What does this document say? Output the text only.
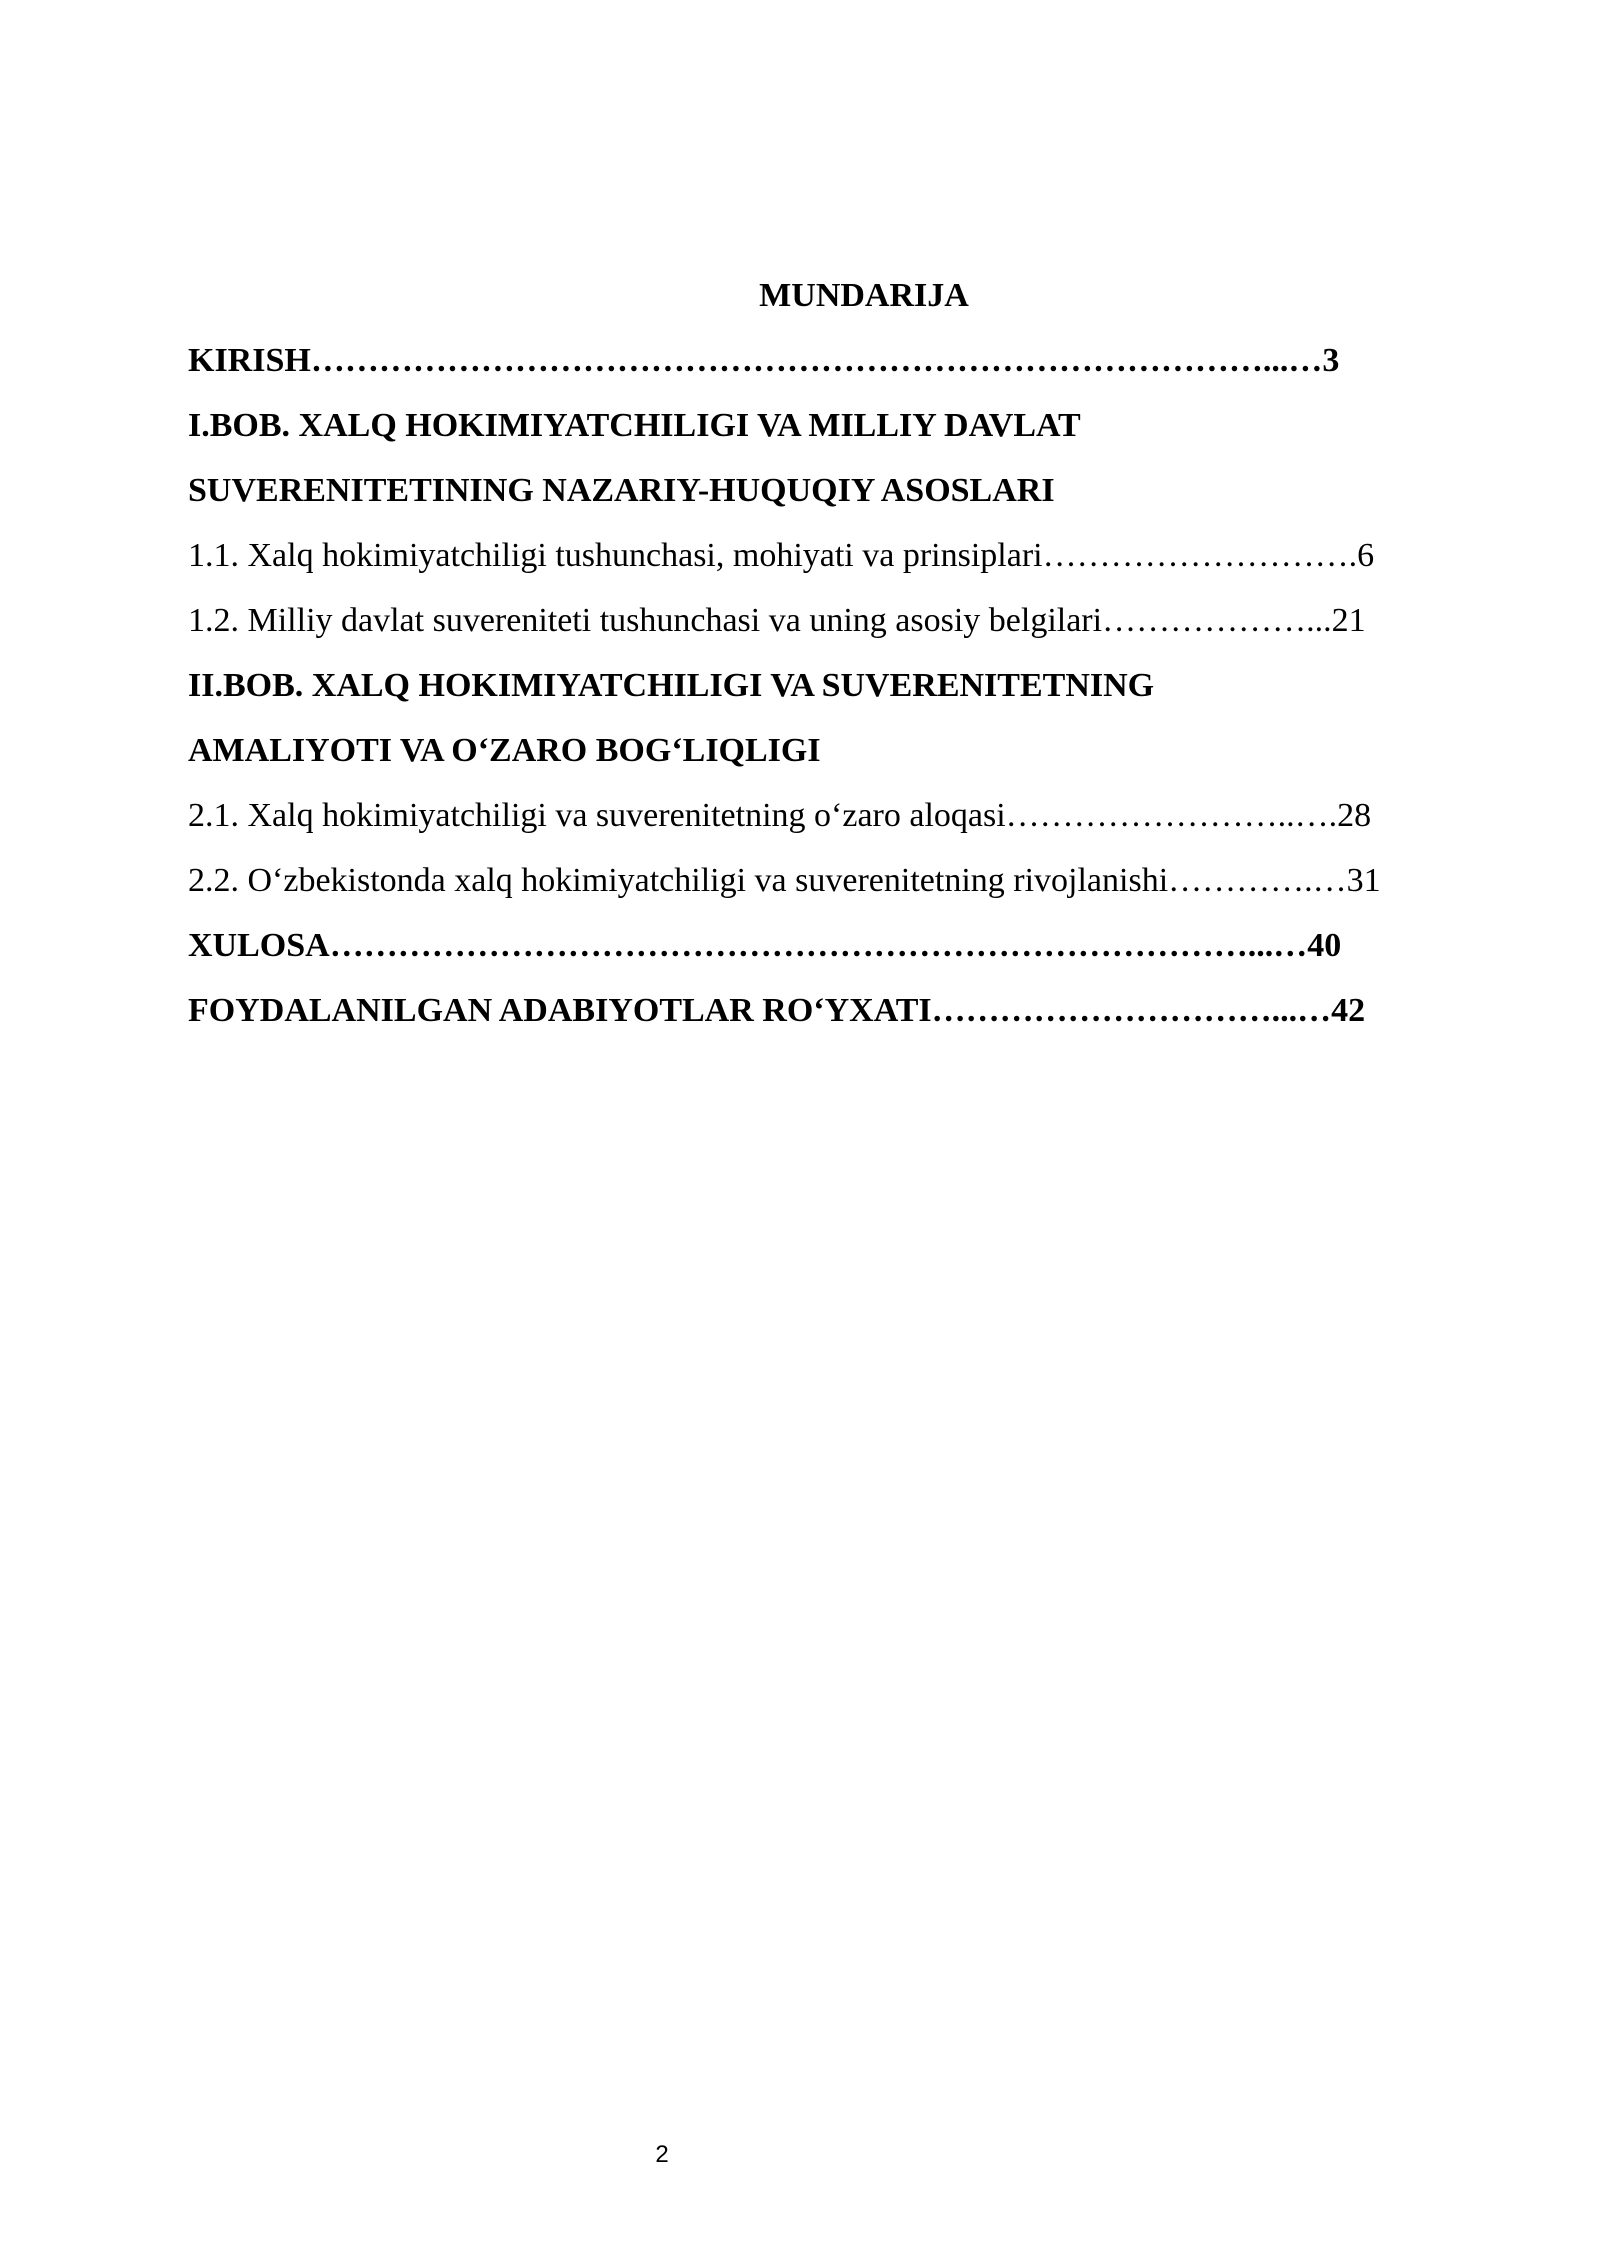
MUNDARIJA
KIRISH…………………………………………………………………………...…3
I.BOB. XALQ HOKIMIYATCHILIGI VA MILLIY DAVLAT
SUVERENITETINING NAZARIY-HUQUQIY ASOSLARI
1.1. Xalq hokimiyatchiligi tushunchasi, mohiyati va prinsiplari……………………….6
1.2. Milliy davlat suvereniteti tushunchasi va uning asosiy belgilari………………...21
II.BOB. XALQ HOKIMIYATCHILIGI VA SUVERENITETNING
AMALIYOTI VA O‘ZARO BOG‘LIQLIGI
2.1. Xalq hokimiyatchiligi va suverenitetning o‘zaro aloqasi……………………..….28
2.2. O‘zbekistonda xalq hokimiyatchiligi va suverenitetning rivojlanishi………….…31
XULOSA………………………………………………………………………...…40
FOYDALANILGAN ADABIYOTLAR RO‘YXATI…………………………...…42
2
